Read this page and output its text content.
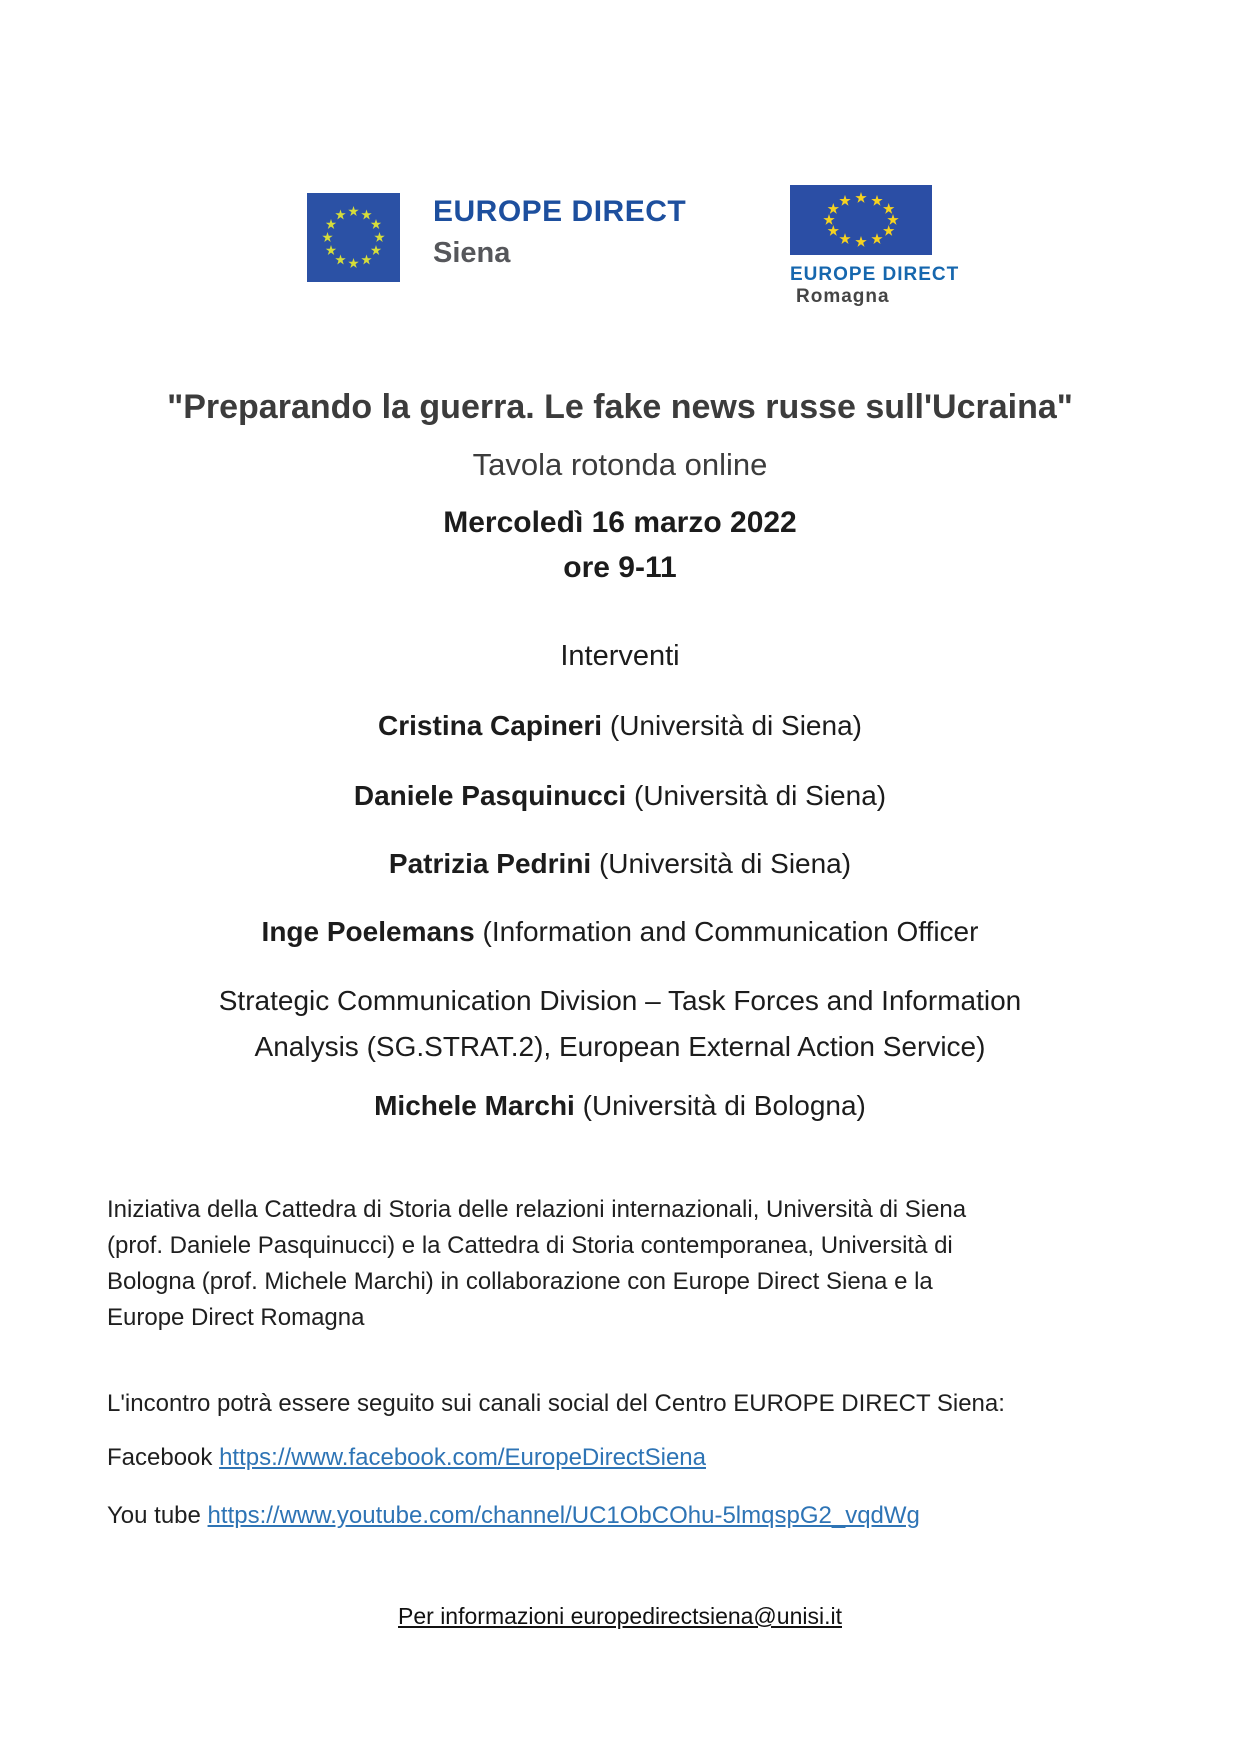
EUROPE DIRECT
Siena
EUROPE DIRECT
Romagna
"Preparando la guerra. Le fake news russe sull'Ucraina"
Tavola rotonda online
Mercoledì 16 marzo 2022
ore 9-11
Interventi

Cristina Capineri (Università di Siena)

Daniele Pasquinucci (Università di Siena)

Patrizia Pedrini (Università di Siena)

Inge Poelemans (Information and Communication Officer

Strategic Communication Division – Task Forces and Information
Analysis (SG.STRAT.2), European External Action Service)

Michele Marchi (Università di Bologna)

Iniziativa della Cattedra di Storia delle relazioni internazionali, Università di Siena
(prof. Daniele Pasquinucci) e la Cattedra di Storia contemporanea, Università di
Bologna (prof. Michele Marchi) in collaborazione con Europe Direct Siena e la
Europe Direct Romagna

L'incontro potrà essere seguito sui canali social del Centro EUROPE DIRECT Siena:

Facebook https://www.facebook.com/EuropeDirectSiena

You tube https://www.youtube.com/channel/UC1ObCOhu-5lmqspG2_vqdWg

Per informazioni europedirectsiena@unisi.it
